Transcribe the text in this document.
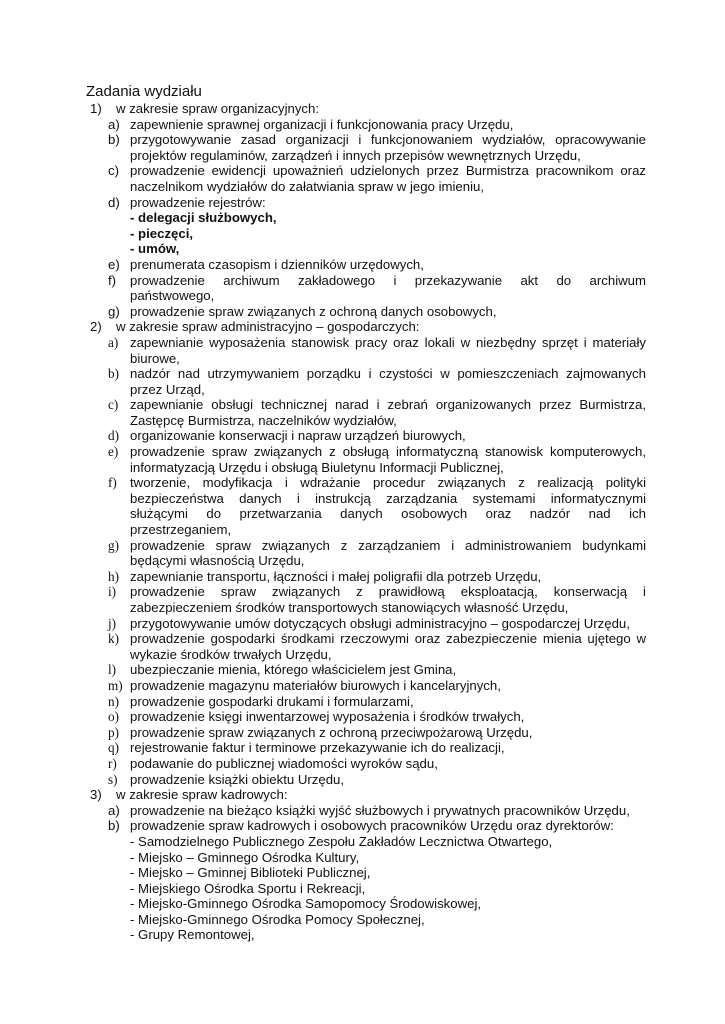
Zadania wydziału
1)	w zakresie spraw organizacyjnych:
a) zapewnienie sprawnej organizacji i funkcjonowania pracy Urzędu,
b) przygotowywanie zasad organizacji i funkcjonowaniem wydziałów, opracowywanie
projektów regulaminów, zarządzeń i innych przepisów wewnętrznych Urzędu,
c) prowadzenie ewidencji upoważnień udzielonych przez Burmistrza pracownikom oraz
naczelnikom wydziałów do załatwiania spraw w jego imieniu,
d) prowadzenie rejestrów:
- delegacji służbowych,
- pieczęci,
- umów,
e) prenumerata czasopism i dzienników urzędowych,
f)	prowadzenie archiwum zakładowego i przekazywanie akt do archiwum
państwowego,
g) prowadzenie spraw związanych z ochroną danych osobowych,
2)	w zakresie spraw administracyjno – gospodarczych:
a) zapewnianie wyposażenia stanowisk pracy oraz lokali w niezbędny sprzęt i materiały
biurowe,
b) nadzór nad utrzymywaniem porządku i czystości w pomieszczeniach zajmowanych
przez Urząd,
c) zapewnianie obsługi technicznej narad i zebrań organizowanych przez Burmistrza,
Zastępcę Burmistrza, naczelników wydziałów,
d) organizowanie konserwacji i napraw urządzeń biurowych,
e) prowadzenie spraw związanych z obsługą informatyczną stanowisk komputerowych,
informatyzacją Urzędu i obsługą Biuletynu Informacji Publicznej,
f)	tworzenie, modyfikacja i wdrażanie procedur związanych z realizacją polityki
bezpieczeństwa danych i instrukcją zarządzania systemami informatycznymi
służącymi do przetwarzania danych osobowych oraz nadzór nad ich
przestrzeganiem,
g) prowadzenie spraw związanych z zarządzaniem i administrowaniem budynkami
będącymi własnością Urzędu,
h) zapewnianie transportu, łączności i małej poligrafii dla potrzeb Urzędu,
i)	prowadzenie spraw związanych z prawidłową eksploatacją, konserwacją i
zabezpieczeniem środków transportowych stanowiących własność Urzędu,
j)	przygotowywanie umów dotyczących obsługi administracyjno – gospodarczej Urzędu,
k) prowadzenie gospodarki środkami rzeczowymi oraz zabezpieczenie mienia ujętego w
wykazie środków trwałych Urzędu,
l)	ubezpieczanie mienia, którego właścicielem jest Gmina,
m) prowadzenie magazynu materiałów biurowych i kancelaryjnych,
n) prowadzenie gospodarki drukami i formularzami,
o) prowadzenie księgi inwentarzowej wyposażenia i środków trwałych,
p) prowadzenie spraw związanych z ochroną przeciwpożarową Urzędu,
q) rejestrowanie faktur i terminowe przekazywanie ich do realizacji,
r)	podawanie do publicznej wiadomości wyroków sądu,
s) prowadzenie książki obiektu Urzędu,
3)	w zakresie spraw kadrowych:
a) prowadzenie na bieżąco książki wyjść służbowych i prywatnych pracowników Urzędu,
b) prowadzenie spraw kadrowych i osobowych pracowników Urzędu oraz dyrektorów:
- Samodzielnego Publicznego Zespołu Zakładów Lecznictwa Otwartego,
- Miejsko – Gminnego Ośrodka Kultury,
- Miejsko – Gminnej Biblioteki Publicznej,
- Miejskiego Ośrodka Sportu i Rekreacji,
- Miejsko-Gminnego Ośrodka Samopomocy Środowiskowej,
- Miejsko-Gminnego Ośrodka Pomocy Społecznej,
- Grupy Remontowej,
